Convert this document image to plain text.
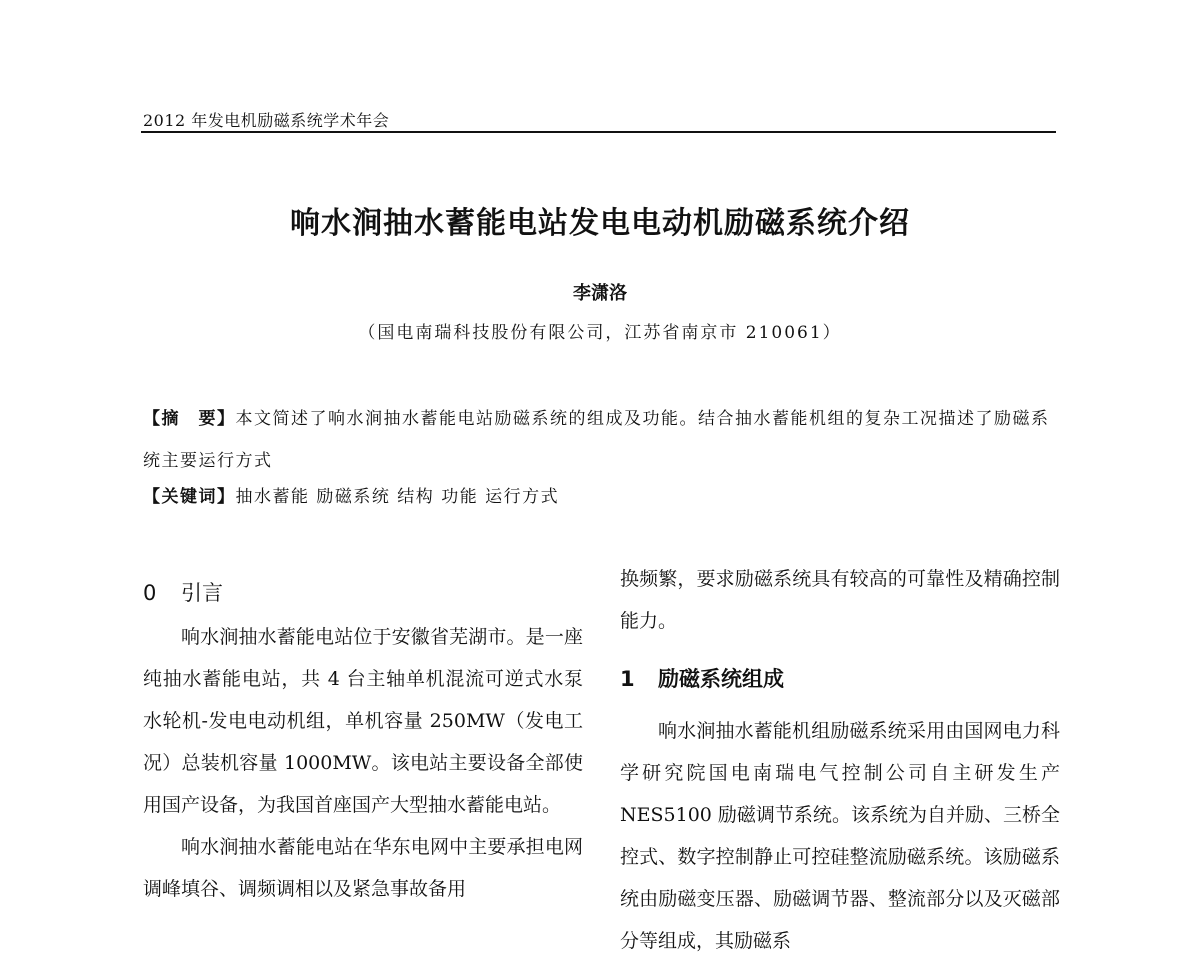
2012 年发电机励磁系统学术年会
响水涧抽水蓄能电站发电电动机励磁系统介绍
李潇洛
（国电南瑞科技股份有限公司，江苏省南京市 210061）
【摘　要】本文简述了响水涧抽水蓄能电站励磁系统的组成及功能。结合抽水蓄能机组的复杂工况描述了励磁系统主要运行方式
【关键词】抽水蓄能 励磁系统 结构 功能 运行方式
0 引言

响水涧抽水蓄能电站位于安徽省芜湖市。是一座纯抽水蓄能电站，共 4 台主轴单机混流可逆式水泵水轮机-发电电动机组，单机容量 250MW（发电工况）总装机容量 1000MW。该电站主要设备全部使用国产设备，为我国首座国产大型抽水蓄能电站。

响水涧抽水蓄能电站在华东电网中主要承担电网调峰填谷、调频调相以及紧急事故备用

换频繁，要求励磁系统具有较高的可靠性及精确控制能力。

1 励磁系统组成

响水涧抽水蓄能机组励磁系统采用由国网电力科学研究院国电南瑞电气控制公司自主研发生产 NES5100 励磁调节系统。该系统为自并励、三桥全控式、数字控制静止可控硅整流励磁系统。该励磁系统由励磁变压器、励磁调节器、整流部分以及灭磁部分等组成，其励磁系
